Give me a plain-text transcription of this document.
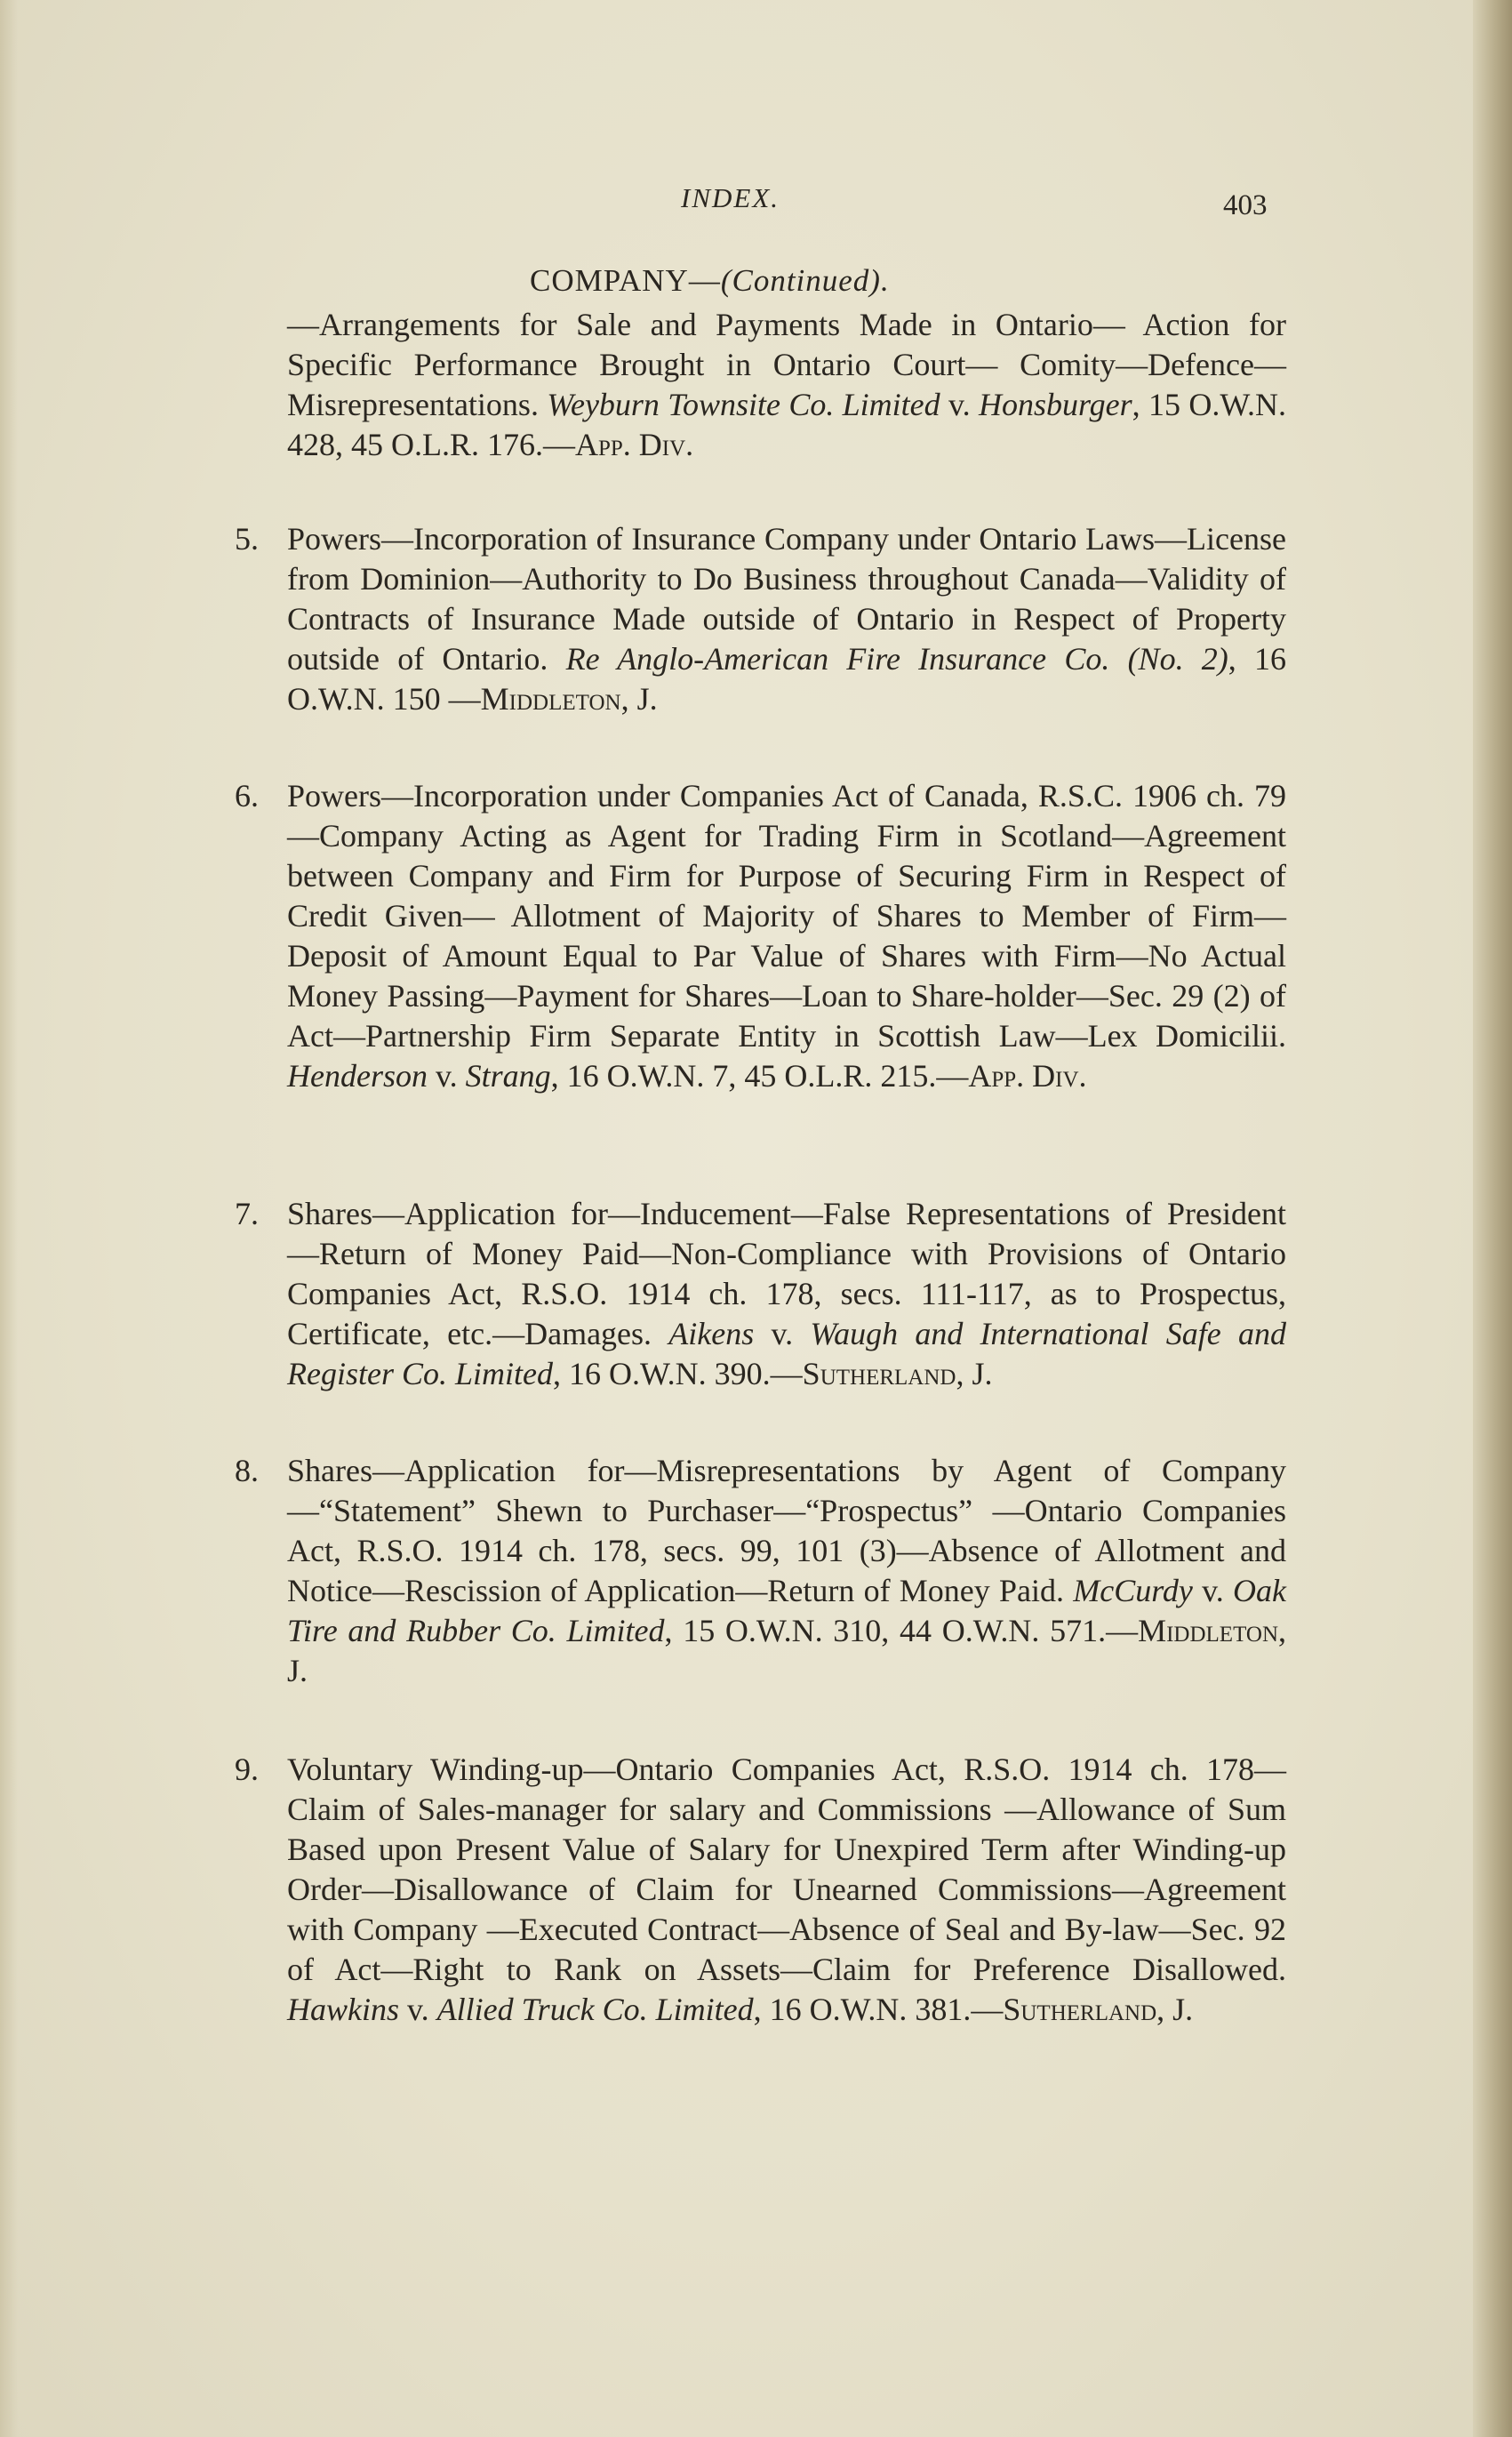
INDEX.	403
COMPANY—(Continued).
—Arrangements for Sale and Payments Made in Ontario— Action for Specific Performance Brought in Ontario Court— Comity—Defence—Misrepresentations. Weyburn Townsite Co. Limited v. Honsburger, 15 O.W.N. 428, 45 O.L.R. 176.—App. Div.
5. Powers—Incorporation of Insurance Company under Ontario Laws—License from Dominion—Authority to Do Business throughout Canada—Validity of Contracts of Insurance Made outside of Ontario in Respect of Property outside of Ontario. Re Anglo-American Fire Insurance Co. (No. 2), 16 O.W.N. 150 —Middleton, J.
6. Powers—Incorporation under Companies Act of Canada, R.S.C. 1906 ch. 79—Company Acting as Agent for Trading Firm in Scotland—Agreement between Company and Firm for Purpose of Securing Firm in Respect of Credit Given— Allotment of Majority of Shares to Member of Firm—Deposit of Amount Equal to Par Value of Shares with Firm—No Actual Money Passing—Payment for Shares—Loan to Share-holder—Sec. 29 (2) of Act—Partnership Firm Separate Entity in Scottish Law—Lex Domicilii. Henderson v. Strang, 16 O.W.N. 7, 45 O.L.R. 215.—App. Div.
7. Shares—Application for—Inducement—False Representations of President—Return of Money Paid—Non-Compliance with Provisions of Ontario Companies Act, R.S.O. 1914 ch. 178, secs. 111-117, as to Prospectus, Certificate, etc.—Damages. Aikens v. Waugh and International Safe and Register Co. Limited, 16 O.W.N. 390.—Sutherland, J.
8. Shares—Application for—Misrepresentations by Agent of Company—“Statement” Shewn to Purchaser—“Prospectus” —Ontario Companies Act, R.S.O. 1914 ch. 178, secs. 99, 101 (3)—Absence of Allotment and Notice—Rescission of Application—Return of Money Paid. McCurdy v. Oak Tire and Rubber Co. Limited, 15 O.W.N. 310, 44 O.W.N. 571.—Middleton, J.
9. Voluntary Winding-up—Ontario Companies Act, R.S.O. 1914 ch. 178—Claim of Sales-manager for salary and Commissions —Allowance of Sum Based upon Present Value of Salary for Unexpired Term after Winding-up Order—Disallowance of Claim for Unearned Commissions—Agreement with Company —Executed Contract—Absence of Seal and By-law—Sec. 92 of Act—Right to Rank on Assets—Claim for Preference Disallowed. Hawkins v. Allied Truck Co. Limited, 16 O.W.N. 381.—Sutherland, J.
